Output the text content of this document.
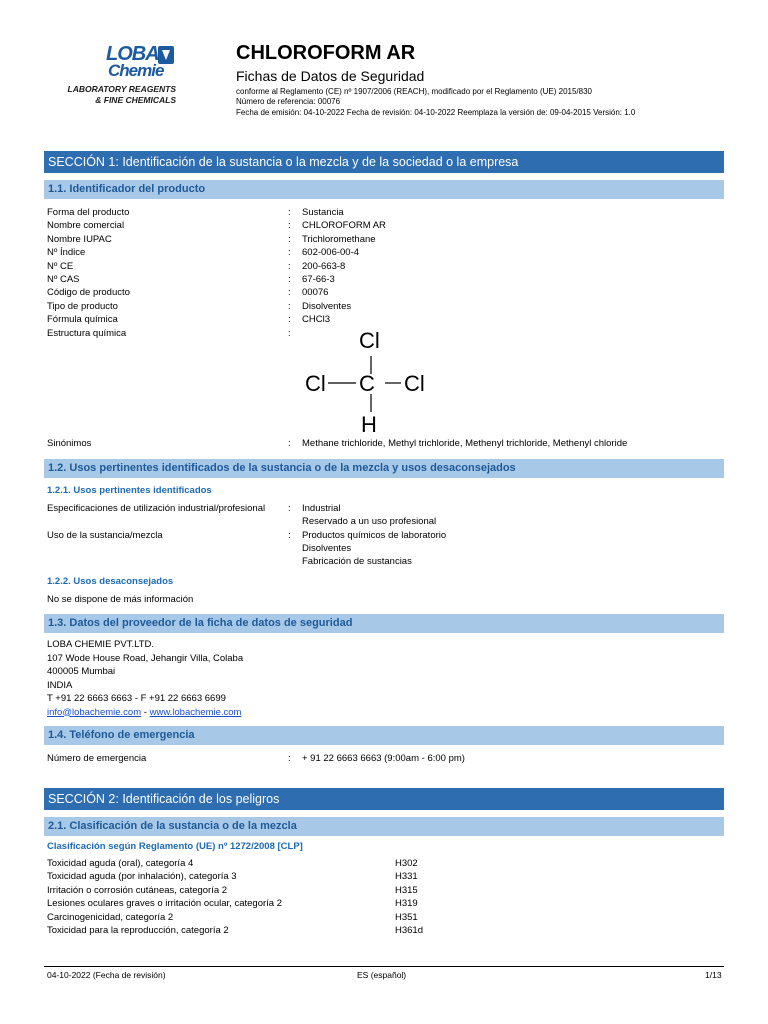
LOBA
Chemie
LABORATORY REAGENTS
& FINE CHEMICALS
CHLOROFORM AR
Fichas de Datos de Seguridad
conforme al Reglamento (CE) nº 1907/2006 (REACH), modificado por el Reglamento (UE) 2015/830
Número de referencia: 00076
Fecha de emisión: 04-10-2022 Fecha de revisión: 04-10-2022 Reemplaza la versión de: 09-04-2015 Versión: 1.0
SECCIÓN 1: Identificación de la sustancia o la mezcla y de la sociedad o la empresa
1.1. Identificador del producto
Forma del producto	: Sustancia
Nombre comercial	: CHLOROFORM AR
Nombre IUPAC	: Trichloromethane
Nº Índice	: 602-006-00-4
Nº CE	: 200-663-8
Nº CAS	: 67-66-3
Código de producto	: 00076
Tipo de producto	: Disolventes
Fórmula química	: CHCl3
Estructura química	:	Cl
Cl C Cl
H
Sinónimos	: Methane trichloride, Methyl trichloride, Methenyl trichloride, Methenyl chloride
1.2. Usos pertinentes identificados de la sustancia o de la mezcla y usos desaconsejados
1.2.1. Usos pertinentes identificados
Especificaciones de utilización industrial/profesional : Industrial
Reservado a un uso profesional
Uso de la sustancia/mezcla	: Productos químicos de laboratorio
Disolventes
Fabricación de sustancias
1.2.2. Usos desaconsejados
No se dispone de más información
1.3. Datos del proveedor de la ficha de datos de seguridad
LOBA CHEMIE PVT.LTD.
107 Wode House Road, Jehangir Villa, Colaba
400005 Mumbai
INDIA
T +91 22 6663 6663 - F +91 22 6663 6699
info@lobachemie.com - www.lobachemie.com
1.4. Teléfono de emergencia
Número de emergencia	: + 91 22 6663 6663 (9:00am - 6:00 pm)
SECCIÓN 2: Identificación de los peligros
2.1. Clasificación de la sustancia o de la mezcla
Clasificación según Reglamento (UE) nº 1272/2008 [CLP]
Toxicidad aguda (oral), categoría 4	H302
Toxicidad aguda (por inhalación), categoría 3	H331
Irritación o corrosión cutáneas, categoría 2	H315
Lesiones oculares graves o irritación ocular, categoría 2	H319
Carcinogenicidad, categoría 2	H351
Toxicidad para la reproducción, categoría 2	H361d
04-10-2022 (Fecha de revisión)	ES (español)	1/13
